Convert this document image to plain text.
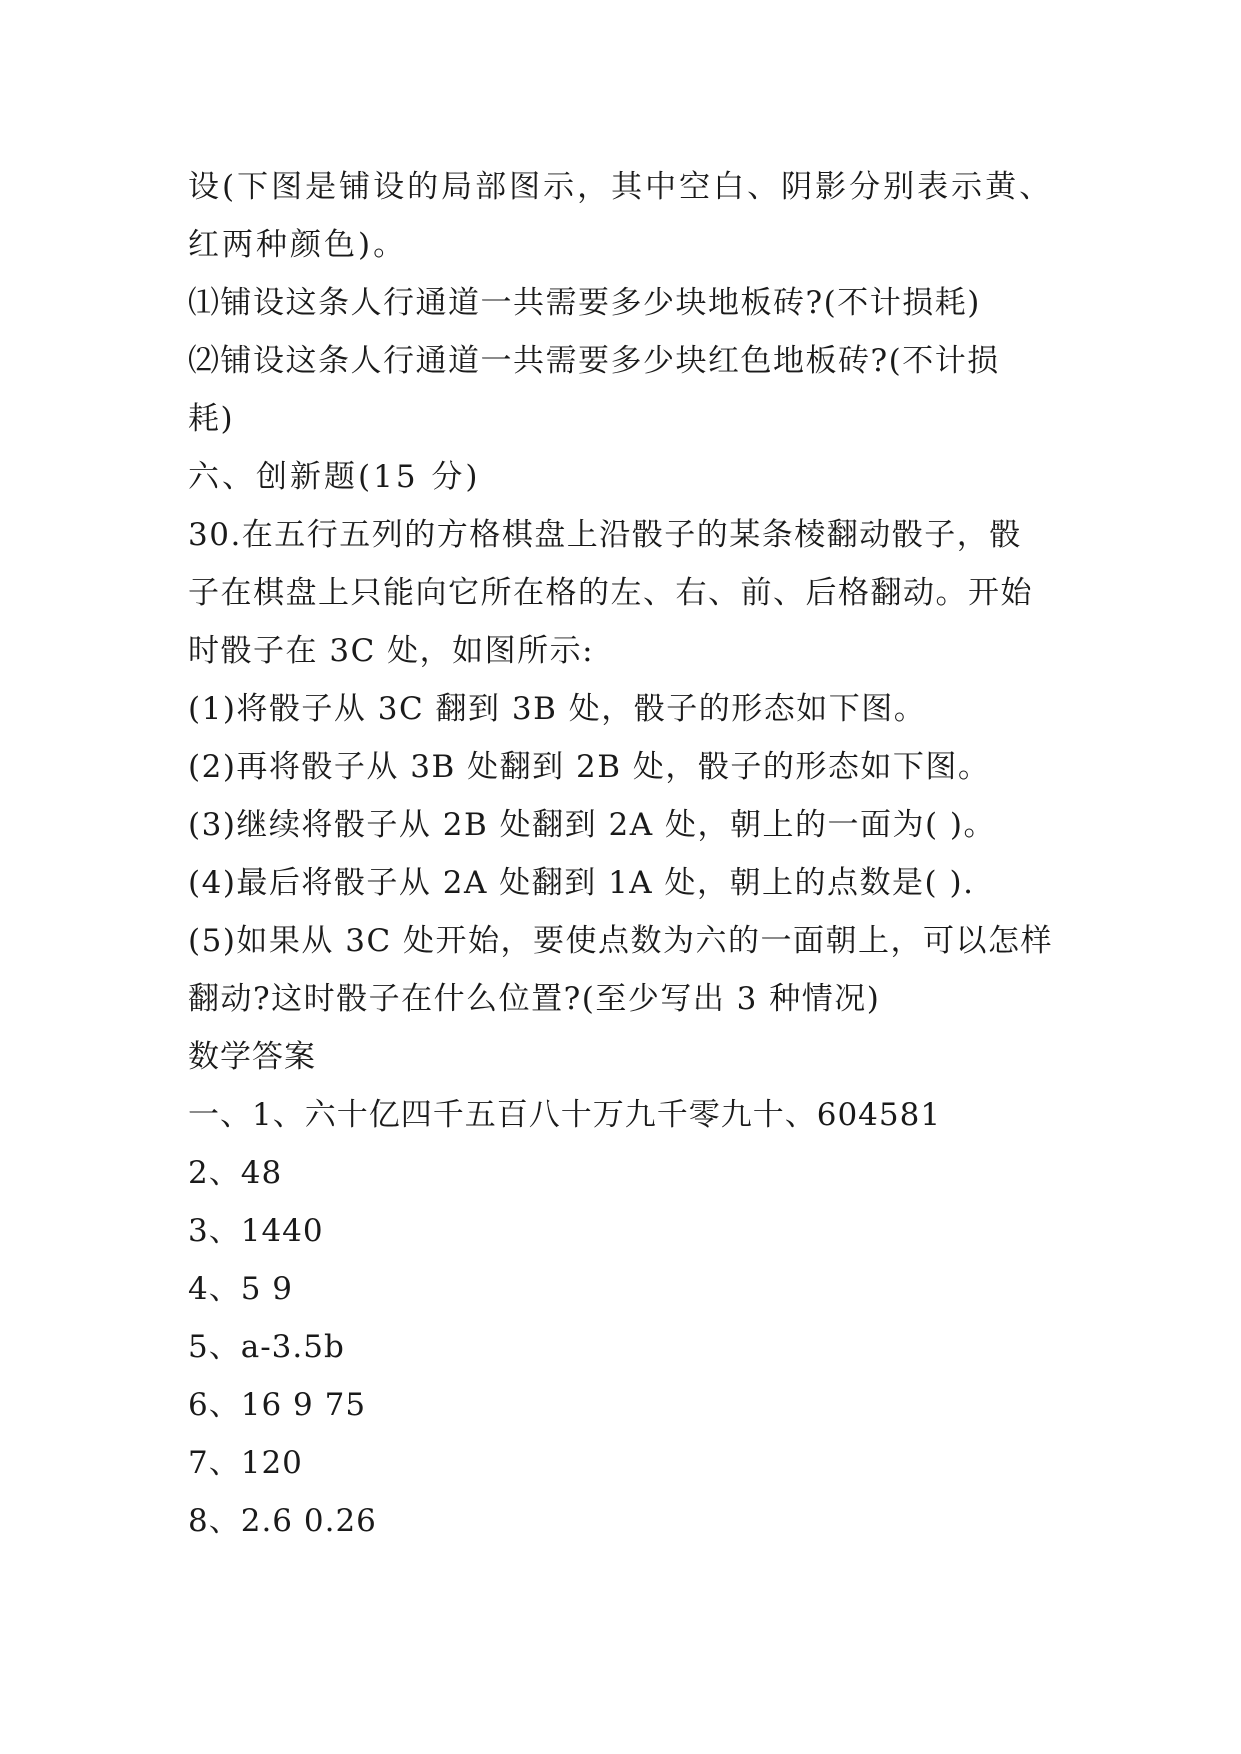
设(下图是铺设的局部图示，其中空白、阴影分别表示黄、
红两种颜色)。
⑴铺设这条人行通道一共需要多少块地板砖?(不计损耗)
⑵铺设这条人行通道一共需要多少块红色地板砖?(不计损
耗)
六、创新题(15 分)
30.在五行五列的方格棋盘上沿骰子的某条棱翻动骰子，骰
子在棋盘上只能向它所在格的左、右、前、后格翻动。开始
时骰子在 3C 处，如图所示:
(1)将骰子从 3C 翻到 3B 处，骰子的形态如下图。
(2)再将骰子从 3B 处翻到 2B 处，骰子的形态如下图。
(3)继续将骰子从 2B 处翻到 2A 处，朝上的一面为( )。
(4)最后将骰子从 2A 处翻到 1A 处，朝上的点数是( ).
(5)如果从 3C 处开始，要使点数为六的一面朝上，可以怎样
翻动?这时骰子在什么位置?(至少写出 3 种情况)
数学答案
一、1、六十亿四千五百八十万九千零九十、604581
2、48
3、1440
4、5 9
5、a-3.5b
6、16 9 75
7、120
8、2.6 0.26
